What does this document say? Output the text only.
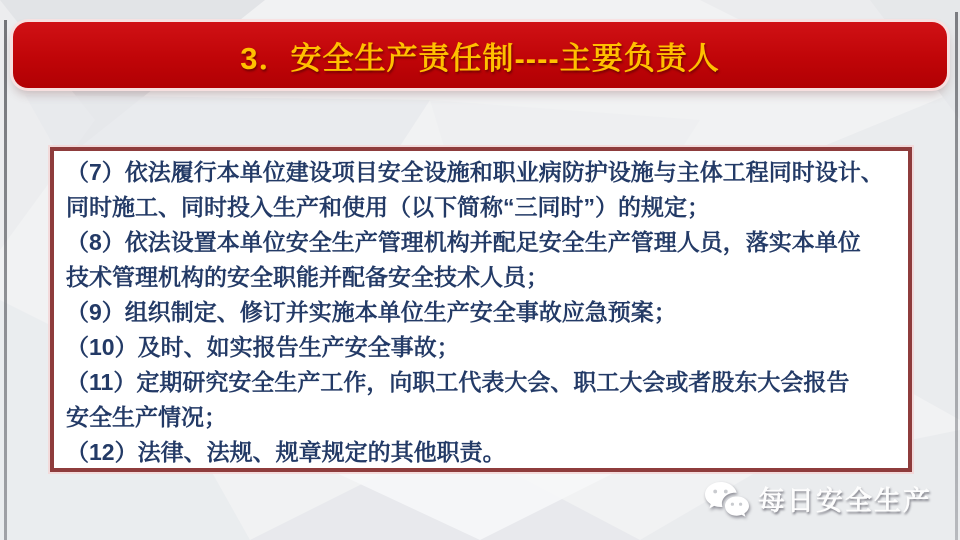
3．安全生产责任制----主要负责人
（7）依法履行本单位建设项目安全设施和职业病防护设施与主体工程同时设计、
同时施工、同时投入生产和使用（以下简称“三同时”）的规定；
（8）依法设置本单位安全生产管理机构并配足安全生产管理人员，落实本单位
技术管理机构的安全职能并配备安全技术人员；
（9）组织制定、修订并实施本单位生产安全事故应急预案；
（10）及时、如实报告生产安全事故；
（11）定期研究安全生产工作，向职工代表大会、职工大会或者股东大会报告
安全生产情况；
（12）法律、法规、规章规定的其他职责。
每日安全生产
